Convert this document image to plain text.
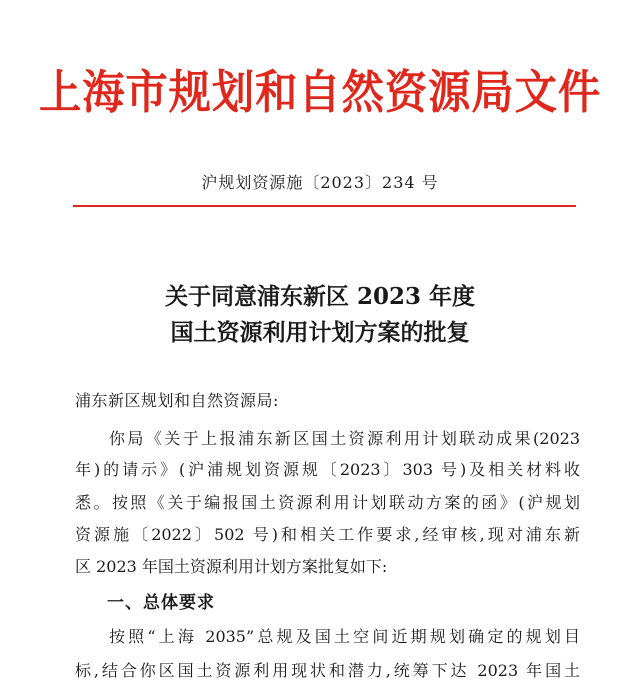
上海市规划和自然资源局文件
沪规划资源施〔2023〕234 号
关于同意浦东新区 2023 年度
国土资源利用计划方案的批复
浦东新区规划和自然资源局:
你局《关于上报浦东新区国土资源利用计划联动成果(2023
年)的请示》(沪浦规划资源规〔2023〕303 号)及相关材料收
悉。按照《关于编报国土资源利用计划联动方案的函》(沪规划
资源施〔2022〕502 号)和相关工作要求,经审核,现对浦东新
区 2023 年国土资源利用计划方案批复如下:
一、总体要求
按照“上海 2035”总规及国土空间近期规划确定的规划目
标,结合你区国土资源利用现状和潜力,统筹下达 2023 年国土
